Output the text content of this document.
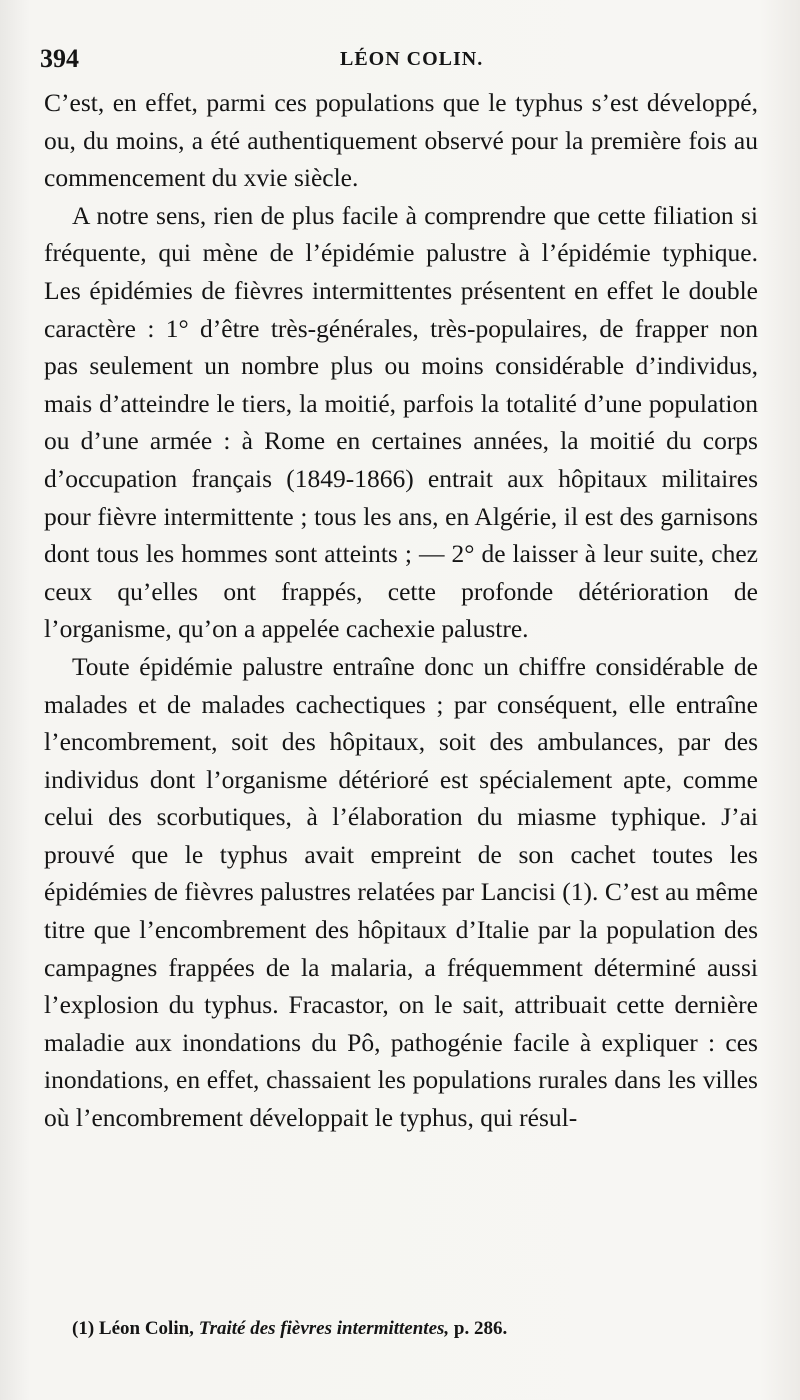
394	LÉON COLIN.

C’est, en effet, parmi ces populations que le typhus s’est développé, ou, du moins, a été authentiquement observé pour la première fois au commencement du xvie siècle.

A notre sens, rien de plus facile à comprendre que cette filiation si fréquente, qui mène de l’épidémie palustre à l’épidémie typhique. Les épidémies de fièvres intermittentes présentent en effet le double caractère : 1° d’être très-générales, très-populaires, de frapper non pas seulement un nombre plus ou moins considérable d’individus, mais d’atteindre le tiers, la moitié, parfois la totalité d’une population ou d’une armée : à Rome en certaines années, la moitié du corps d’occupation français (1849-1866) entrait aux hôpitaux militaires pour fièvre intermittente ; tous les ans, en Algérie, il est des garnisons dont tous les hommes sont atteints ; — 2° de laisser à leur suite, chez ceux qu’elles ont frappés, cette profonde détérioration de l’organisme, qu’on a appelée cachexie palustre.

Toute épidémie palustre entraîne donc un chiffre considérable de malades et de malades cachectiques ; par conséquent, elle entraîne l’encombrement, soit des hôpitaux, soit des ambulances, par des individus dont l’organisme détérioré est spécialement apte, comme celui des scorbutiques, à l’élaboration du miasme typhique. J’ai prouvé que le typhus avait empreint de son cachet toutes les épidémies de fièvres palustres relatées par Lancisi (1). C’est au même titre que l’encombrement des hôpitaux d’Italie par la population des campagnes frappées de la malaria, a fréquemment déterminé aussi l’explosion du typhus. Fracastor, on le sait, attribuait cette dernière maladie aux inondations du Pô, pathogénie facile à expliquer : ces inondations, en effet, chassaient les populations rurales dans les villes où l’encombrement développait le typhus, qui résul-

(1) Léon Colin, Traité des fièvres intermittentes, p. 286.
